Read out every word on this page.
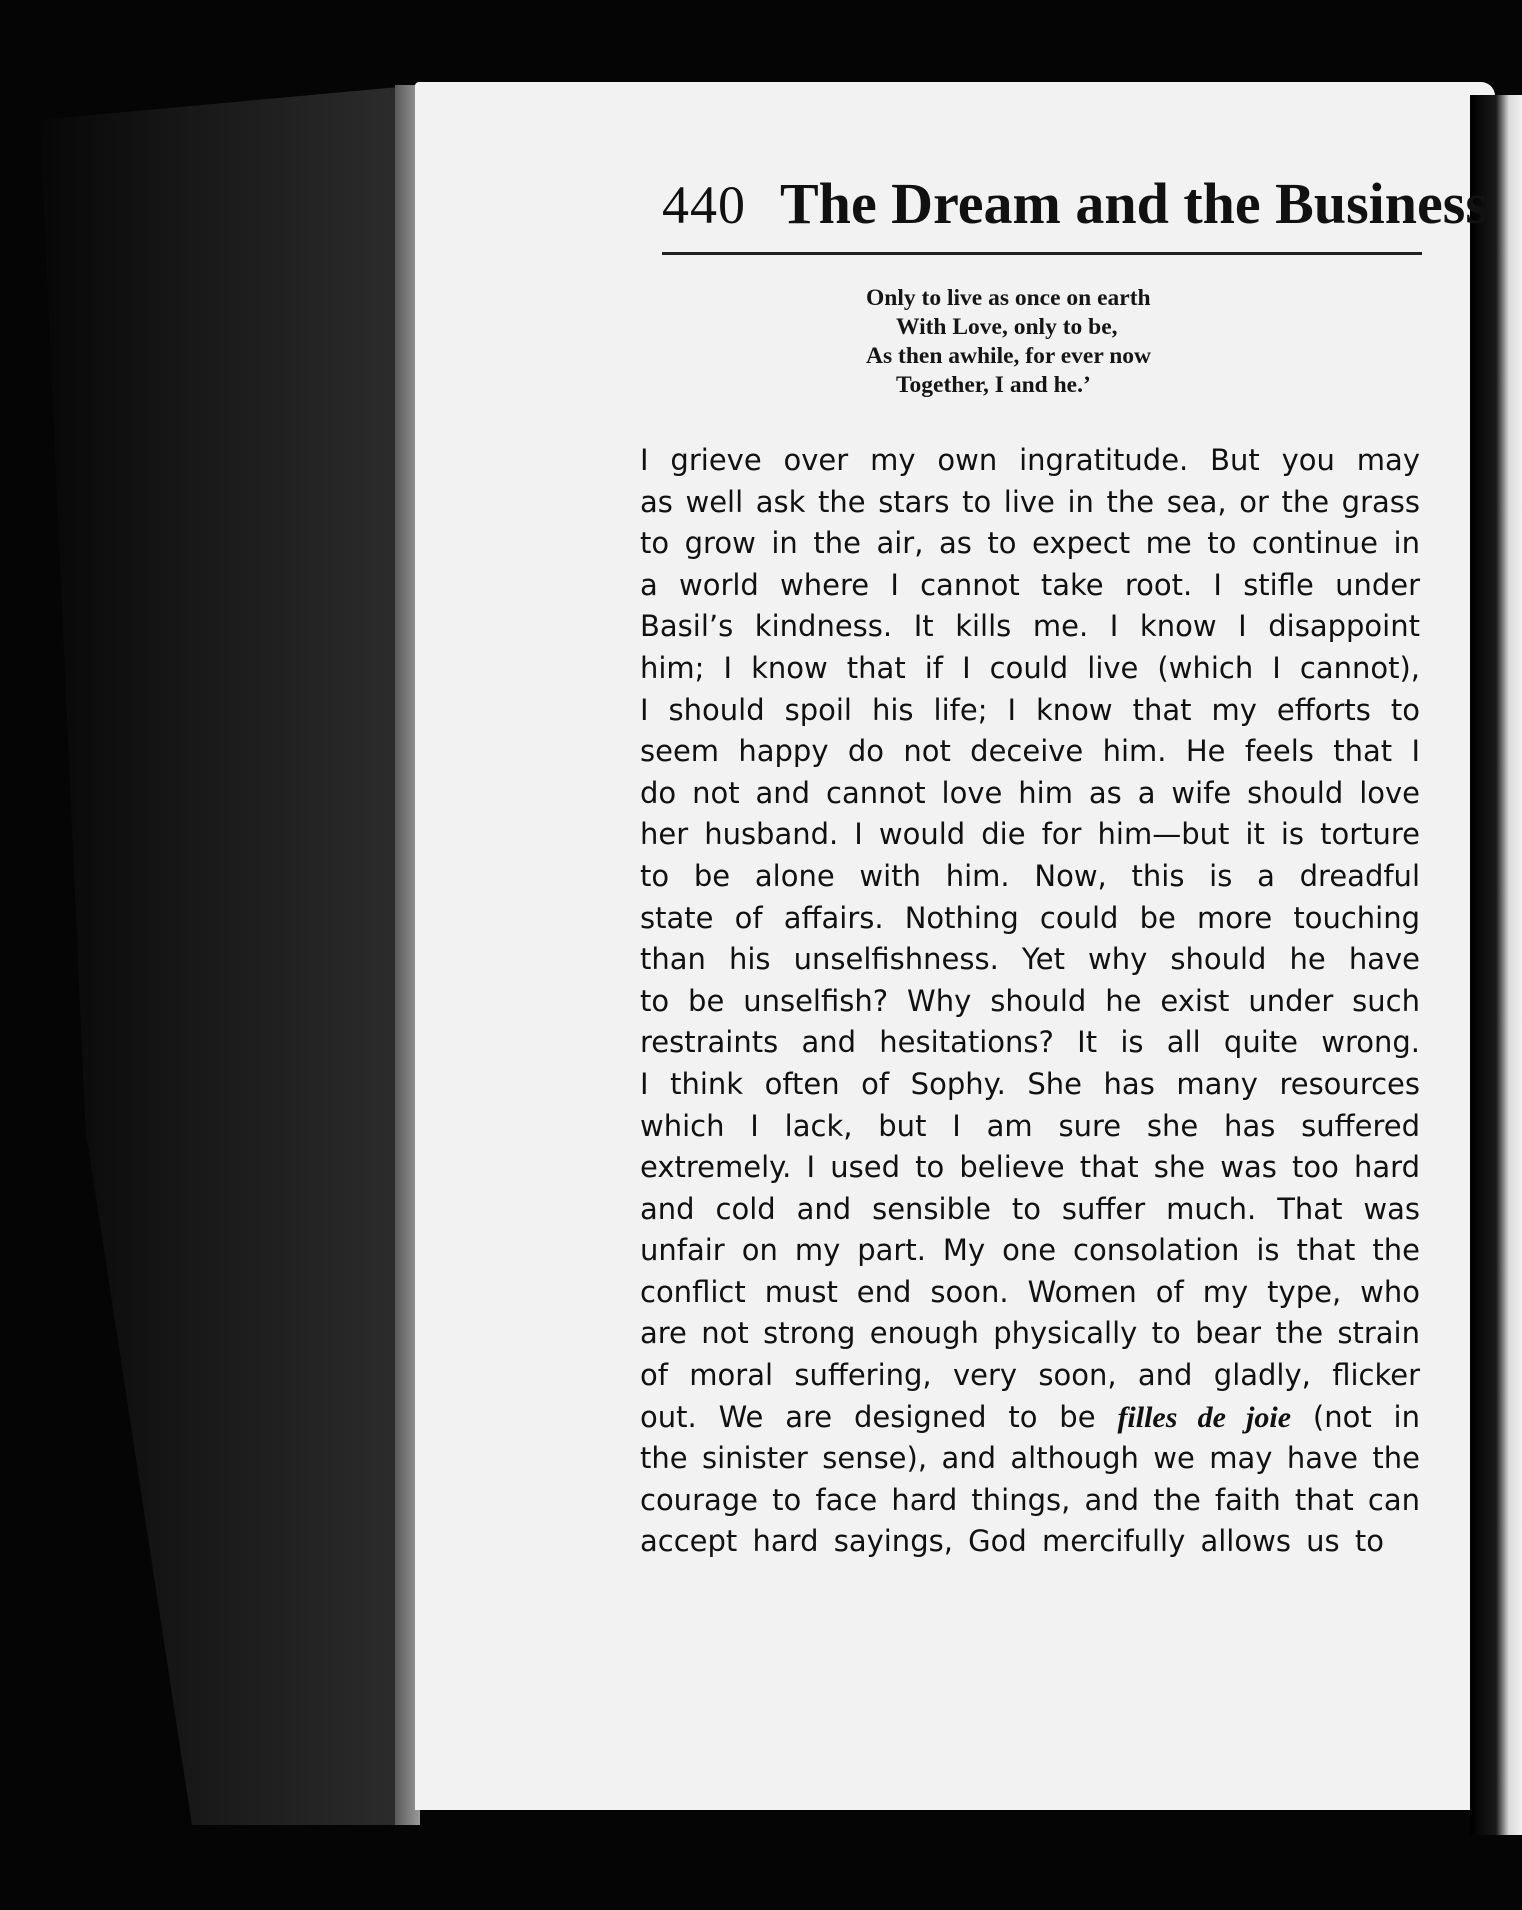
440 The Dream and the Business
Only to live as once on earth
With Love, only to be,
As then awhile, for ever now
Together, I and he.’
I grieve over my own ingratitude. But you may
as well ask the stars to live in the sea, or the grass
to grow in the air, as to expect me to continue in
a world where I cannot take root. I stifle under
Basil’s kindness. It kills me. I know I disappoint
him; I know that if I could live (which I cannot),
I should spoil his life; I know that my efforts to
seem happy do not deceive him. He feels that I
do not and cannot love him as a wife should love
her husband. I would die for him—but it is torture
to be alone with him. Now, this is a dreadful
state of affairs. Nothing could be more touching
than his unselfishness. Yet why should he have
to be unselfish? Why should he exist under such
restraints and hesitations? It is all quite wrong.
I think often of Sophy. She has many resources
which I lack, but I am sure she has suffered
extremely. I used to believe that she was too hard
and cold and sensible to suffer much. That was
unfair on my part. My one consolation is that the
conflict must end soon. Women of my type, who
are not strong enough physically to bear the strain
of moral suffering, very soon, and gladly, flicker
out. We are designed to be filles de joie (not in
the sinister sense), and although we may have the
courage to face hard things, and the faith that can
accept hard sayings, God mercifully allows us to
